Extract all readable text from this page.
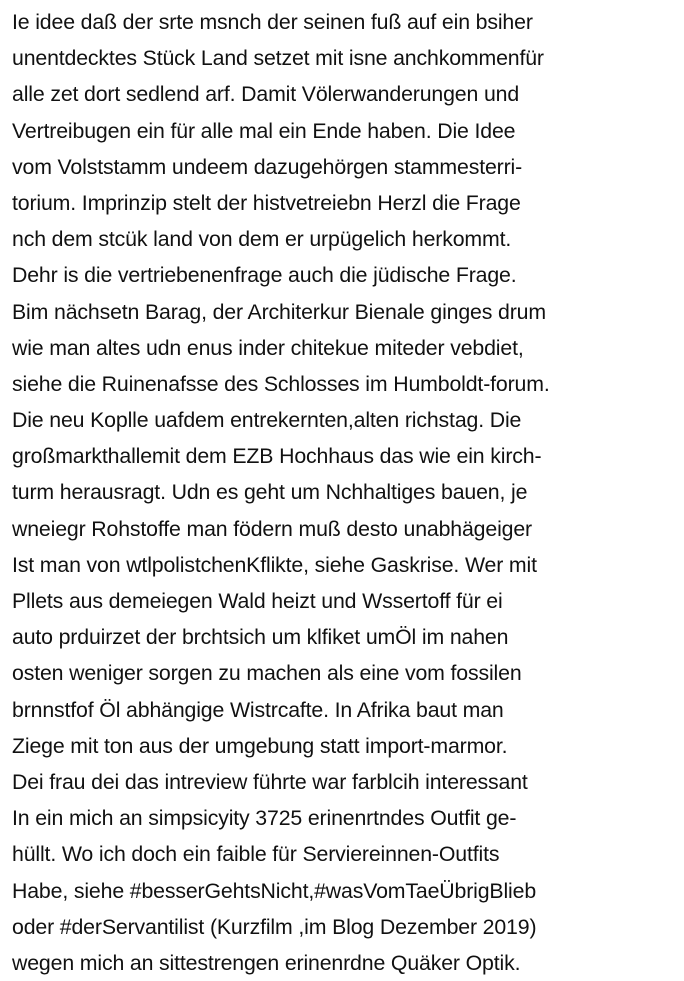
Ie idee daß der srte msnch der seinen fuß auf ein bsiher
unentdecktes Stück Land setzet mit isne anchkommenfür
alle zet dort sedlend arf. Damit Völerwanderungen und
Vertreibugen ein für alle mal ein Ende haben. Die Idee
vom Volststamm undeem dazugehörgen stammesterri-
torium. Imprinzip stelt der histvetreiebn Herzl die Frage
nch dem stcük land von dem er urpügelich herkommt.
Dehr is die vertriebenenfrage auch die jüdische Frage.
Bim nächsetn Barag, der Architerkur Bienale ginges drum
wie man altes udn enus inder chitekue miteder vebdiet,
siehe die Ruinenafsse des Schlosses im Humboldt-forum.
Die neu Koplle uafdem entrekernten,alten richstag. Die
großmarkthallemit dem EZB Hochhaus das wie ein kirch-
turm herausragt. Udn es geht um Nchhaltiges bauen, je
wneiegr Rohstoffe man födern muß desto unabhägeiger
Ist man von wtlpolistchenKflikte, siehe Gaskrise. Wer mit
Pllets aus demeiegen Wald heizt und Wssertoff für ei
auto prduirzet der brchtsich um klfiket umÖl im nahen
osten weniger sorgen zu machen als eine vom fossilen
brnnstfof Öl abhängige Wistrcafte. In Afrika baut man
Ziege mit ton aus der umgebung statt import-marmor.
Dei frau dei das intreview führte war farblcih interessant
In ein mich an simpsicyity 3725 erinenrtndes Outfit ge-
hüllt. Wo ich doch ein faible für Serviereinnen-Outfits
Habe, siehe #besserGehtsNicht,#wasVomTaeÜbrigBlieb
oder #derServantilist (Kurzfilm ,im Blog Dezember 2019)
wegen mich an sittestrengen erinenrdne Quäker Optik.
